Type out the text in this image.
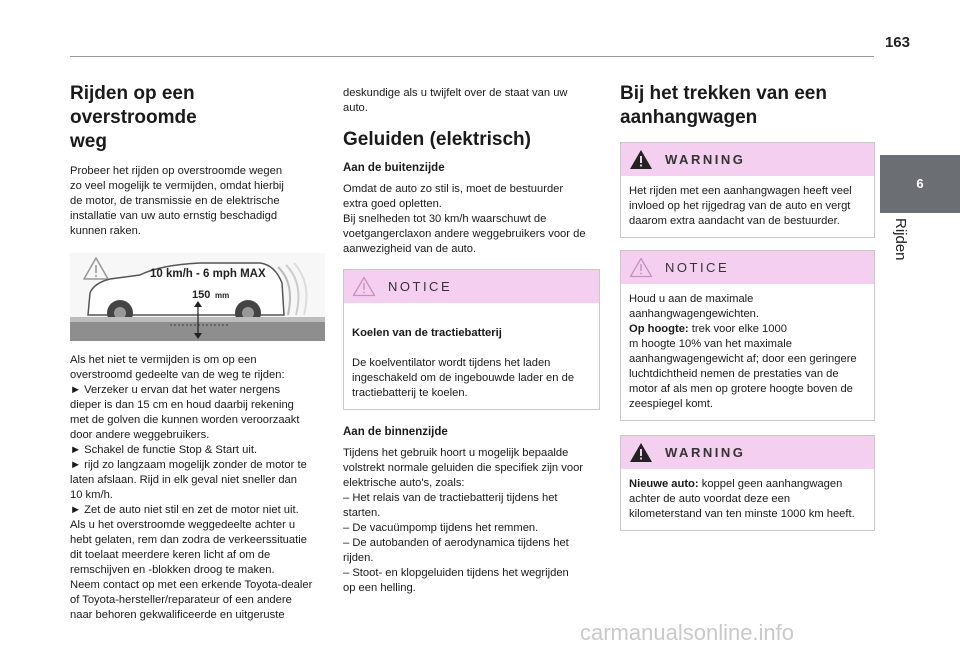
163
6
Rijden
Rijden op een overstroomde
weg

Probeer het rijden op overstroomde wegen
zo veel mogelijk te vermijden, omdat hierbij
de motor, de transmissie en de elektrische
installatie van uw auto ernstig beschadigd
kunnen raken.

10 km/h - 6 mph MAX
150 mm

Als het niet te vermijden is om op een
overstroomd gedeelte van de weg te rijden:
► Verzeker u ervan dat het water nergens
dieper is dan 15 cm en houd daarbij rekening
met de golven die kunnen worden veroorzaakt
door andere weggebruikers.
► Schakel de functie Stop & Start uit.
► rijd zo langzaam mogelijk zonder de motor te
laten afslaan. Rijd in elk geval niet sneller dan
10 km/h.
► Zet de auto niet stil en zet de motor niet uit.
Als u het overstroomde weggedeelte achter u
hebt gelaten, rem dan zodra de verkeerssituatie
dit toelaat meerdere keren licht af om de
remschijven en -blokken droog te maken.
Neem contact op met een erkende Toyota-dealer
of Toyota-hersteller/reparateur of een andere
naar behoren gekwalificeerde en uitgeruste

deskundige als u twijfelt over de staat van uw
auto.

Geluiden (elektrisch)
Aan de buitenzijde

Omdat de auto zo stil is, moet de bestuurder
extra goed opletten.
Bij snelheden tot 30 km/h waarschuwt de
voetgangerclaxon andere weggebruikers voor de
aanwezigheid van de auto.

NOTICE

Koelen van de tractiebatterij

De koelventilator wordt tijdens het laden
ingeschakeld om de ingebouwde lader en de
tractiebatterij te koelen.

Aan de binnenzijde

Tijdens het gebruik hoort u mogelijk bepaalde
volstrekt normale geluiden die specifiek zijn voor
elektrische auto's, zoals:
– Het relais van de tractiebatterij tijdens het
starten.
– De vacuümpomp tijdens het remmen.
– De autobanden of aerodynamica tijdens het
rijden.
– Stoot- en klopgeluiden tijdens het wegrijden
op een helling.

Bij het trekken van een
aanhangwagen
WARNING
Het rijden met een aanhangwagen heeft veel
invloed op het rijgedrag van de auto en vergt
daarom extra aandacht van de bestuurder.
NOTICE
Houd u aan de maximale
aanhangwagengewichten.
Op hoogte: trek voor elke 1000
m hoogte 10% van het maximale
aanhangwagengewicht af; door een geringere
luchtdichtheid nemen de prestaties van de
motor af als men op grotere hoogte boven de
zeespiegel komt.
WARNING
Nieuwe auto: koppel geen aanhangwagen
achter de auto voordat deze een
kilometerstand van ten minste 1000 km heeft.
carmanualsonline.info
